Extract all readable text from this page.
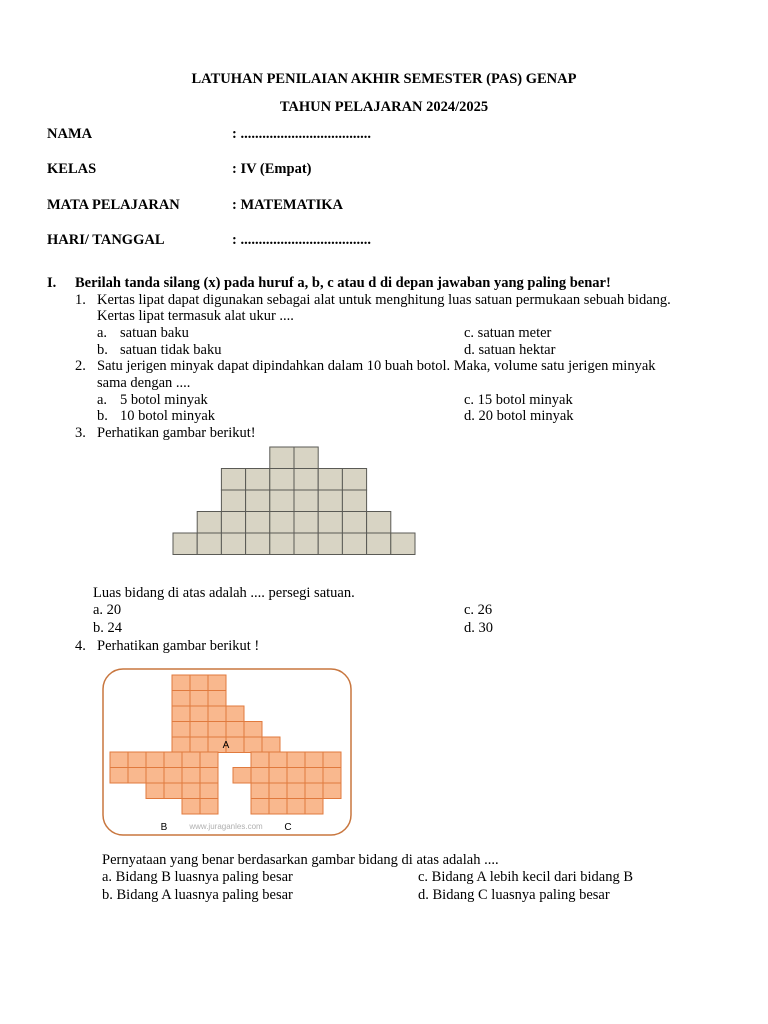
LATUHAN PENILAIAN AKHIR SEMESTER (PAS) GENAP
TAHUN PELAJARAN 2024/2025
NAMA	: ....................................
KELAS	: IV (Empat)
MATA PELAJARAN	: MATEMATIKA
HARI/ TANGGAL	: ....................................
I. Berilah tanda silang (x) pada huruf a, b, c atau d di depan jawaban yang paling benar!
1. Kertas lipat dapat digunakan sebagai alat untuk menghitung luas satuan permukaan sebuah bidang.
Kertas lipat termasuk alat ukur ....
a. satuan baku
b. satuan tidak baku
c. satuan meter
d. satuan hektar
2. Satu jerigen minyak dapat dipindahkan dalam 10 buah botol. Maka, volume satu jerigen minyak
sama dengan ....
a. 5 botol minyak
b. 10 botol minyak
c. 15 botol minyak
d. 20 botol minyak
3. Perhatikan gambar berikut!
Luas bidang di atas adalah .... persegi satuan.
a. 20
b. 24
c. 26
d. 30
4. Perhatikan gambar berikut !
A
B	C
www.juraganles.com
Pernyataan yang benar berdasarkan gambar bidang di atas adalah ....
a. Bidang B luasnya paling besar
b. Bidang A luasnya paling besar
c. Bidang A lebih kecil dari bidang B
d. Bidang C luasnya paling besar
